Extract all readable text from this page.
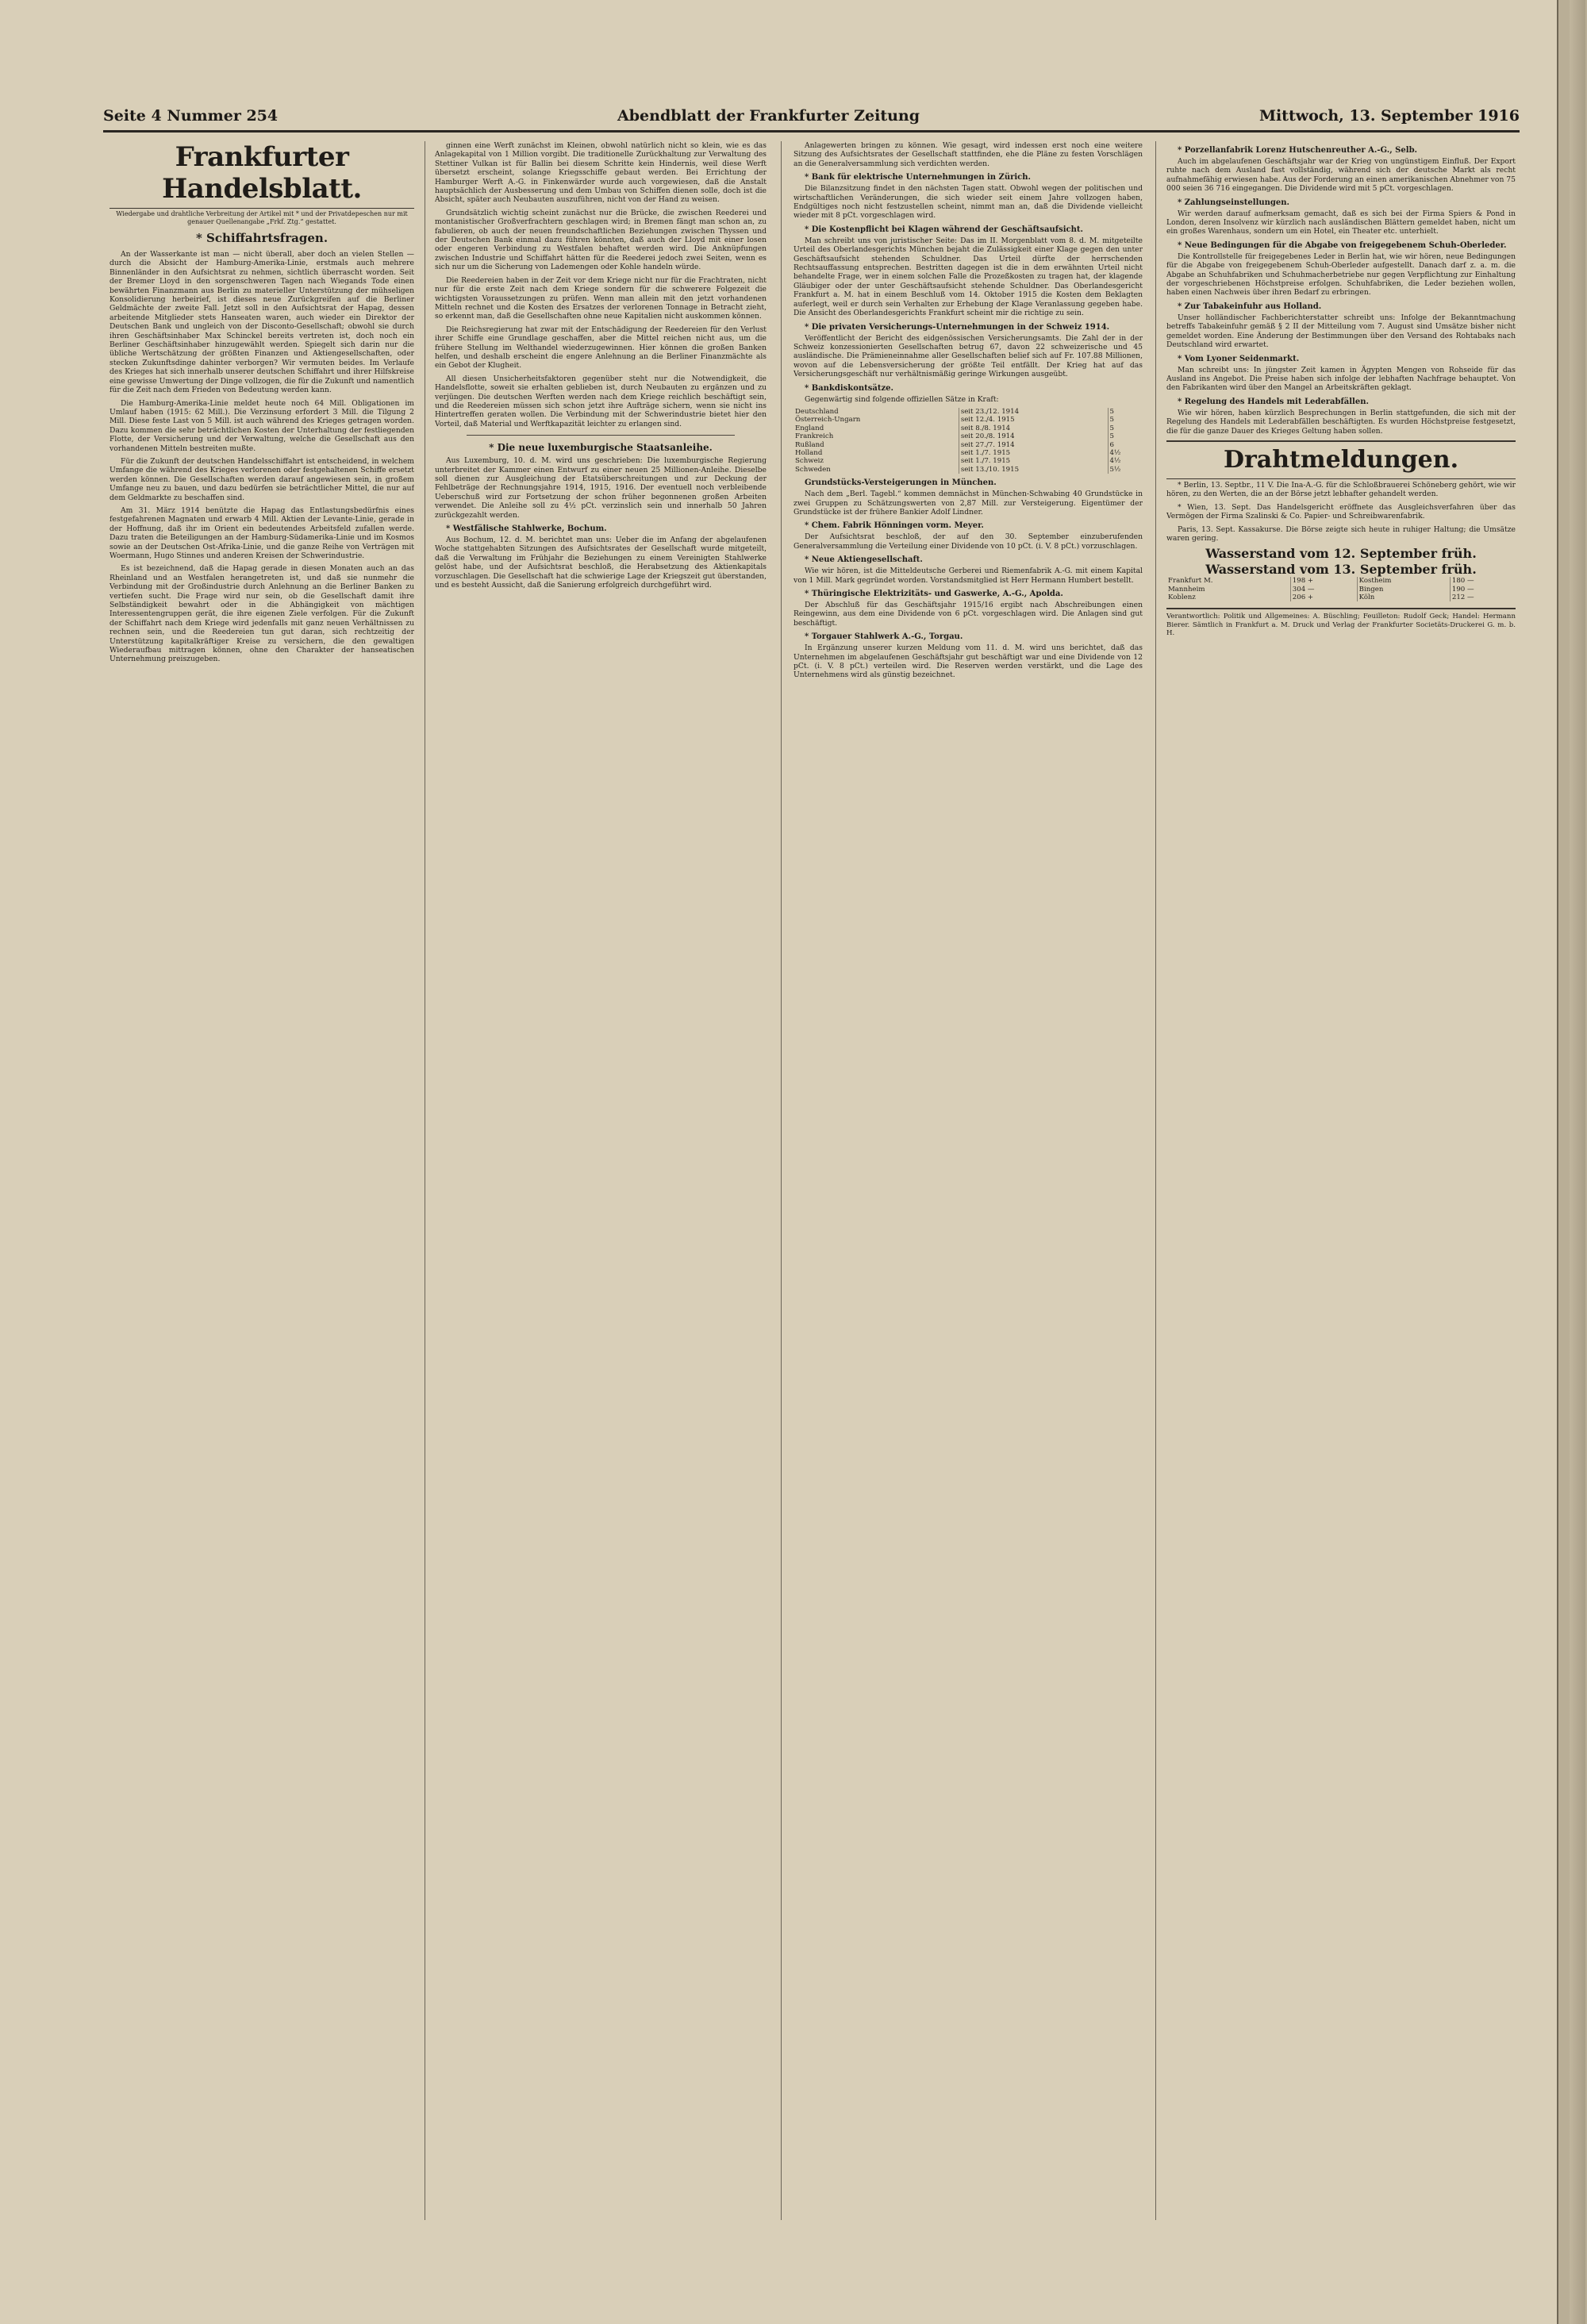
Seite 4 Nummer 254	Abendblatt der Frankfurter Zeitung	Mittwoch, 13. September 1916
Frankfurter Handelsblatt.
Wiedergabe und drahtliche Verbreitung der Artikel mit * und der Privatdepeschen nur mit genauer Quellenangabe „Frkf. Ztg.“ gestattet.
* Schiffahrtsfragen.

An der Wasserkante ist man — nicht überall, aber doch an vielen Stellen — durch die Absicht der Hamburg-Amerika-Linie, erstmals auch mehrere Binnenländer in den Aufsichtsrat zu nehmen, sichtlich überrascht worden. Seit der Bremer Lloyd in den sorgenschweren Tagen nach Wiegands Tode einen bewährten Finanzmann aus Berlin zu materieller Unterstützung der mühseligen Konsolidierung herbeirief, ist dieses neue Zurückgreifen auf die Berliner Geldmächte der zweite Fall. Jetzt soll in den Aufsichtsrat der Hapag, dessen arbeitende Mitglieder stets Hanseaten waren, auch wieder ein Direktor der Deutschen Bank und ungleich von der Disconto-Gesellschaft; obwohl sie durch ihren Geschäftsinhaber Max Schinckel bereits vertreten ist, doch noch ein Berliner Geschäftsinhaber hinzugewählt werden. Spiegelt sich darin nur die übliche Wertschätzung der größten Finanzen und Aktiengesellschaften, oder stecken Zukunftsdinge dahinter verborgen? Wir vermuten beides. Im Verlaufe des Krieges hat sich innerhalb unserer deutschen Schiffahrt und ihrer Hilfskreise eine gewisse Umwertung der Dinge vollzogen, die für die Zukunft und namentlich für die Zeit nach dem Frieden von Bedeutung werden kann.

Die Hamburg-Amerika-Linie meldet heute noch 64 Mill. Obligationen im Umlauf haben (1915: 62 Mill.). Die Verzinsung erfordert 3 Mill. die Tilgung 2 Mill. Diese feste Last von 5 Mill. ist auch während des Krieges getragen worden. Dazu kommen die sehr beträchtlichen Kosten der Unterhaltung der festliegenden Flotte, der Versicherung und der Verwaltung, welche die Gesellschaft aus den vorhandenen Mitteln bestreiten mußte.

Für die Zukunft der deutschen Handelsschiffahrt ist entscheidend, in welchem Umfange die während des Krieges verlorenen oder festgehaltenen Schiffe ersetzt werden können. Die Gesellschaften werden darauf angewiesen sein, in großem Umfange neu zu bauen, und dazu bedürfen sie beträchtlicher Mittel, die nur auf dem Geldmarkte zu beschaffen sind.

Am 31. März 1914 benützte die Hapag das Entlastungsbedürfnis eines festgefahrenen Magnaten und erwarb 4 Mill. Aktien der Levante-Linie, gerade in der Hoffnung, daß ihr im Orient ein bedeutendes Arbeitsfeld zufallen werde. Dazu traten die Beteiligungen an der Hamburg-Südamerika-Linie und im Kosmos sowie an der Deutschen Ost-Afrika-Linie, und die ganze Reihe von Verträgen mit Woermann, Hugo Stinnes und anderen Kreisen der Schwerindustrie.

Es ist bezeichnend, daß die Hapag gerade in diesen Monaten auch an das Rheinland und an Westfalen herangetreten ist, und daß sie nunmehr die Verbindung mit der Großindustrie durch Anlehnung an die Berliner Banken zu vertiefen sucht. Die Frage wird nur sein, ob die Gesellschaft damit ihre Selbständigkeit bewahrt oder in die Abhängigkeit von mächtigen Interessentengruppen gerät, die ihre eigenen Ziele verfolgen. Für die Zukunft der Schiffahrt nach dem Kriege wird jedenfalls mit ganz neuen Verhältnissen zu rechnen sein, und die Reedereien tun gut daran, sich rechtzeitig der Unterstützung kapitalkräftiger Kreise zu versichern, die den gewaltigen Wiederaufbau mittragen können, ohne den Charakter der hanseatischen Unternehmung preiszugeben.

ginnen eine Werft zunächst im Kleinen, obwohl natürlich nicht so klein, wie es das Anlagekapital von 1 Million vorgibt. Die traditionelle Zurückhaltung zur Verwaltung des Stettiner Vulkan ist für Ballin bei diesem Schritte kein Hindernis, weil diese Werft übersetzt erscheint, solange Kriegsschiffe gebaut werden. Bei Errichtung der Hamburger Werft A.-G. in Finkenwärder wurde auch vorgewiesen, daß die Anstalt hauptsächlich der Ausbesserung und dem Umbau von Schiffen dienen solle, doch ist die Absicht, später auch Neubauten auszuführen, nicht von der Hand zu weisen.

Grundsätzlich wichtig scheint zunächst nur die Brücke, die zwischen Reederei und montanistischer Großverfrachtern geschlagen wird; in Bremen fängt man schon an, zu fabulieren, ob auch der neuen freundschaftlichen Beziehungen zwischen Thyssen und der Deutschen Bank einmal dazu führen könnten, daß auch der Lloyd mit einer losen oder engeren Verbindung zu Westfalen behaftet werden wird. Die Anknüpfungen zwischen Industrie und Schiffahrt hätten für die Reederei jedoch zwei Seiten, wenn es sich nur um die Sicherung von Lademengen oder Kohle handeln würde.

Die Reedereien haben in der Zeit vor dem Kriege nicht nur für die Frachtraten, nicht nur für die erste Zeit nach dem Kriege sondern für die schwerere Folgezeit die wichtigsten Voraussetzungen zu prüfen. Wenn man allein mit den jetzt vorhandenen Mitteln rechnet und die Kosten des Ersatzes der verlorenen Tonnage in Betracht zieht, so erkennt man, daß die Gesellschaften ohne neue Kapitalien nicht auskommen können.

Die Reichsregierung hat zwar mit der Entschädigung der Reedereien für den Verlust ihrer Schiffe eine Grundlage geschaffen, aber die Mittel reichen nicht aus, um die frühere Stellung im Welthandel wiederzugewinnen. Hier können die großen Banken helfen, und deshalb erscheint die engere Anlehnung an die Berliner Finanzmächte als ein Gebot der Klugheit.

All diesen Unsicherheitsfaktoren gegenüber steht nur die Notwendigkeit, die Handelsflotte, soweit sie erhalten geblieben ist, durch Neubauten zu ergänzen und zu verjüngen. Die deutschen Werften werden nach dem Kriege reichlich beschäftigt sein, und die Reedereien müssen sich schon jetzt ihre Aufträge sichern, wenn sie nicht ins Hintertreffen geraten wollen. Die Verbindung mit der Schwerindustrie bietet hier den Vorteil, daß Material und Werftkapazität leichter zu erlangen sind.

* Die neue luxemburgische Staatsanleihe.

Aus Luxemburg, 10. d. M. wird uns geschrieben: Die luxemburgische Regierung unterbreitet der Kammer einen Entwurf zu einer neuen 25 Millionen-Anleihe. Dieselbe soll dienen zur Ausgleichung der Etatsüberschreitungen und zur Deckung der Fehlbeträge der Rechnungsjahre 1914, 1915, 1916. Der eventuell noch verbleibende Ueberschuß wird zur Fortsetzung der schon früher begonnenen großen Arbeiten verwendet. Die Anleihe soll zu 4½ pCt. verzinslich sein und innerhalb 50 Jahren zurückgezahlt werden.

* Westfälische Stahlwerke, Bochum.

Aus Bochum, 12. d. M. berichtet man uns: Ueber die im Anfang der abgelaufenen Woche stattgehabten Sitzungen des Aufsichtsrates der Gesellschaft wurde mitgeteilt, daß die Verwaltung im Frühjahr die Beziehungen zu einem Vereinigten Stahlwerke gelöst habe, und der Aufsichtsrat beschloß, die Herabsetzung des Aktienkapitals vorzuschlagen. Die Gesellschaft hat die schwierige Lage der Kriegszeit gut überstanden, und es besteht Aussicht, daß die Sanierung erfolgreich durchgeführt wird.

Anlagewerten bringen zu können. Wie gesagt, wird indessen erst noch eine weitere Sitzung des Aufsichtsrates der Gesellschaft stattfinden, ehe die Pläne zu festen Vorschlägen an die Generalversammlung sich verdichten werden.

* Bank für elektrische Unternehmungen in Zürich.

Die Bilanzsitzung findet in den nächsten Tagen statt. Obwohl wegen der politischen und wirtschaftlichen Veränderungen, die sich wieder seit einem Jahre vollzogen haben, Endgültiges noch nicht festzustellen scheint, nimmt man an, daß die Dividende vielleicht wieder mit 8 pCt. vorgeschlagen wird.

* Die Kostenpflicht bei Klagen während der Geschäftsaufsicht.

Man schreibt uns von juristischer Seite: Das im II. Morgenblatt vom 8. d. M. mitgeteilte Urteil des Oberlandesgerichts München bejaht die Zulässigkeit einer Klage gegen den unter Geschäftsaufsicht stehenden Schuldner. Das Urteil dürfte der herrschenden Rechtsauffassung entsprechen. Bestritten dagegen ist die in dem erwähnten Urteil nicht behandelte Frage, wer in einem solchen Falle die Prozeßkosten zu tragen hat, der klagende Gläubiger oder der unter Geschäftsaufsicht stehende Schuldner. Das Oberlandesgericht Frankfurt a. M. hat in einem Beschluß vom 14. Oktober 1915 die Kosten dem Beklagten auferlegt, weil er durch sein Verhalten zur Erhebung der Klage Veranlassung gegeben habe. Die Ansicht des Oberlandesgerichts Frankfurt scheint mir die richtige zu sein.

* Die privaten Versicherungs-Unternehmungen in der Schweiz 1914.

Veröffentlicht der Bericht des eidgenössischen Versicherungsamts. Die Zahl der in der Schweiz konzessionierten Gesellschaften betrug 67, davon 22 schweizerische und 45 ausländische. Die Prämieneinnahme aller Gesellschaften belief sich auf Fr. 107.88 Millionen, wovon auf die Lebensversicherung der größte Teil entfällt. Der Krieg hat auf das Versicherungsgeschäft nur verhältnismäßig geringe Wirkungen ausgeübt.

* Bankdiskontsätze.

Gegenwärtig sind folgende offiziellen Sätze in Kraft:

Deutschland	seit 23./12. 1914	5
Österreich-Ungarn	seit 12./4. 1915	5
England	seit 8./8. 1914	5
Frankreich	seit 20./8. 1914	5
Rußland	seit 27./7. 1914	6
Holland	seit 1./7. 1915	4½
Schweiz	seit 1./7. 1915	4½
Schweden	seit 13./10. 1915	5½
Grundstücks-Versteigerungen in München.

Nach dem „Berl. Tagebl.“ kommen demnächst in München-Schwabing 40 Grundstücke in zwei Gruppen zu Schätzungswerten von 2,87 Mill. zur Versteigerung. Eigentümer der Grundstücke ist der frühere Bankier Adolf Lindner.

* Chem. Fabrik Hönningen vorm. Meyer.

Der Aufsichtsrat beschloß, der auf den 30. September einzuberufenden Generalversammlung die Verteilung einer Dividende von 10 pCt. (i. V. 8 pCt.) vorzuschlagen.

* Neue Aktiengesellschaft.

Wie wir hören, ist die Mitteldeutsche Gerberei und Riemenfabrik A.-G. mit einem Kapital von 1 Mill. Mark gegründet worden. Vorstandsmitglied ist Herr Hermann Humbert bestellt.

* Thüringische Elektrizitäts- und Gaswerke, A.-G., Apolda.

Der Abschluß für das Geschäftsjahr 1915/16 ergibt nach Abschreibungen einen Reingewinn, aus dem eine Dividende von 6 pCt. vorgeschlagen wird. Die Anlagen sind gut beschäftigt.

* Torgauer Stahlwerk A.-G., Torgau.

In Ergänzung unserer kurzen Meldung vom 11. d. M. wird uns berichtet, daß das Unternehmen im abgelaufenen Geschäftsjahr gut beschäftigt war und eine Dividende von 12 pCt. (i. V. 8 pCt.) verteilen wird. Die Reserven werden verstärkt, und die Lage des Unternehmens wird als günstig bezeichnet.

* Porzellanfabrik Lorenz Hutschenreuther A.-G., Selb.

Auch im abgelaufenen Geschäftsjahr war der Krieg von ungünstigem Einfluß. Der Export ruhte nach dem Ausland fast vollständig, während sich der deutsche Markt als recht aufnahmefähig erwiesen habe. Aus der Forderung an einen amerikanischen Abnehmer von 75 000 seien 36 716 eingegangen. Die Dividende wird mit 5 pCt. vorgeschlagen.

* Zahlungseinstellungen.

Wir werden darauf aufmerksam gemacht, daß es sich bei der Firma Spiers & Pond in London, deren Insolvenz wir kürzlich nach ausländischen Blättern gemeldet haben, nicht um ein großes Warenhaus, sondern um ein Hotel, ein Theater etc. unterhielt.

* Neue Bedingungen für die Abgabe von freigegebenem Schuh-Oberleder.

Die Kontrollstelle für freigegebenes Leder in Berlin hat, wie wir hören, neue Bedingungen für die Abgabe von freigegebenem Schuh-Oberleder aufgestellt. Danach darf z. a. m. die Abgabe an Schuhfabriken und Schuhmacherbetriebe nur gegen Verpflichtung zur Einhaltung der vorgeschriebenen Höchstpreise erfolgen. Schuhfabriken, die Leder beziehen wollen, haben einen Nachweis über ihren Bedarf zu erbringen.

* Zur Tabakeinfuhr aus Holland.

Unser holländischer Fachberichterstatter schreibt uns: Infolge der Bekanntmachung betreffs Tabakeinfuhr gemäß § 2 II der Mitteilung vom 7. August sind Umsätze bisher nicht gemeldet worden. Eine Änderung der Bestimmungen über den Versand des Rohtabaks nach Deutschland wird erwartet.

* Vom Lyoner Seidenmarkt.

Man schreibt uns: In jüngster Zeit kamen in Ägypten Mengen von Rohseide für das Ausland ins Angebot. Die Preise haben sich infolge der lebhaften Nachfrage behauptet. Von den Fabrikanten wird über den Mangel an Arbeitskräften geklagt.

* Regelung des Handels mit Lederabfällen.

Wie wir hören, haben kürzlich Besprechungen in Berlin stattgefunden, die sich mit der Regelung des Handels mit Lederabfällen beschäftigten. Es wurden Höchstpreise festgesetzt, die für die ganze Dauer des Krieges Geltung haben sollen.

Drahtmeldungen.

* Berlin, 13. Septbr., 11 V. Die Ina-A.-G. für die Schloßbrauerei Schöneberg gehört, wie wir hören, zu den Werten, die an der Börse jetzt lebhafter gehandelt werden.

* Wien, 13. Sept. Das Handelsgericht eröffnete das Ausgleichsverfahren über das Vermögen der Firma Szalinski & Co. Papier- und Schreibwarenfabrik.

Paris, 13. Sept. Kassakurse. Die Börse zeigte sich heute in ruhiger Haltung; die Umsätze waren gering.

Wasserstand vom 12. September früh.
Wasserstand vom 13. September früh.
Frankfurt M.	198 +	Kostheim	180 —
Mannheim	304 —	Bingen	190 —
Koblenz	206 +	Köln	212 —
Verantwortlich: Politik und Allgemeines: A. Büschling; Feuilleton: Rudolf Geck; Handel: Hermann Bierer. Sämtlich in Frankfurt a. M. Druck und Verlag der Frankfurter Societäts-Druckerei G. m. b. H.
